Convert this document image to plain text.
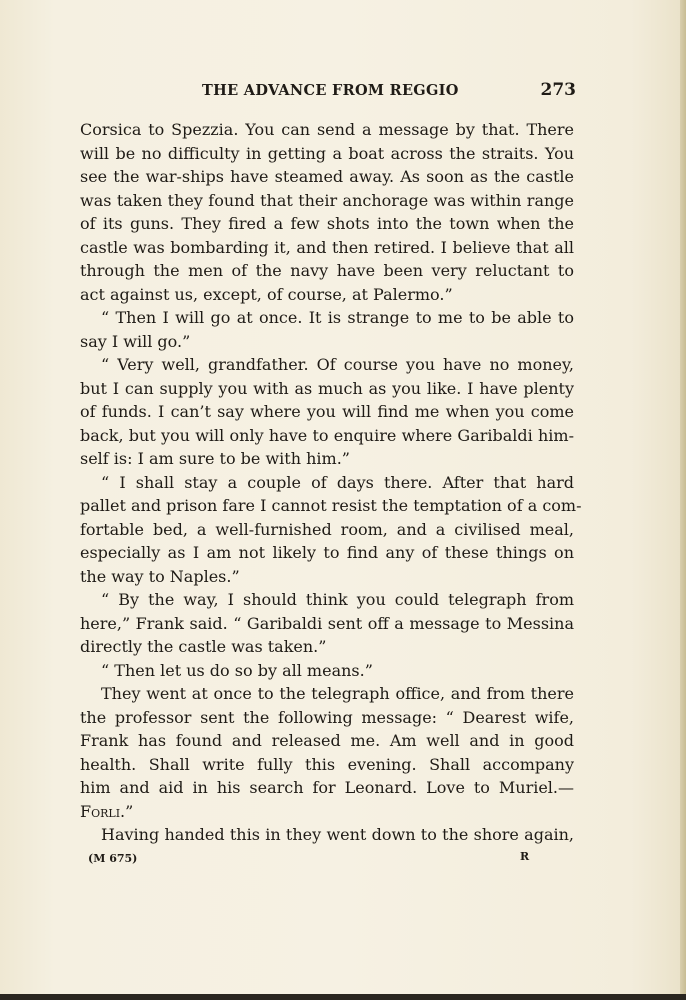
THE ADVANCE FROM REGGIO	273
Corsica to Spezzia. You can send a message by that. There
will be no difficulty in getting a boat across the straits. You
see the war-ships have steamed away. As soon as the castle
was taken they found that their anchorage was within range
of its guns. They fired a few shots into the town when the
castle was bombarding it, and then retired. I believe that all
through the men of the navy have been very reluctant to
act against us, except, of course, at Palermo.”
“ Then I will go at once. It is strange to me to be able to
say I will go.”
“ Very well, grandfather. Of course you have no money,
but I can supply you with as much as you like. I have plenty
of funds. I can’t say where you will find me when you come
back, but you will only have to enquire where Garibaldi him-
self is: I am sure to be with him.”
“ I shall stay a couple of days there. After that hard
pallet and prison fare I cannot resist the temptation of a com-
fortable bed, a well-furnished room, and a civilised meal,
especially as I am not likely to find any of these things on
the way to Naples.”
“ By the way, I should think you could telegraph from
here,” Frank said. “ Garibaldi sent off a message to Messina
directly the castle was taken.”
“ Then let us do so by all means.”
They went at once to the telegraph office, and from there
the professor sent the following message: “ Dearest wife,
Frank has found and released me. Am well and in good
health. Shall write fully this evening. Shall accompany
him and aid in his search for Leonard. Love to Muriel.—
Forli.”
Having handed this in they went down to the shore again,
(M 675)	R
